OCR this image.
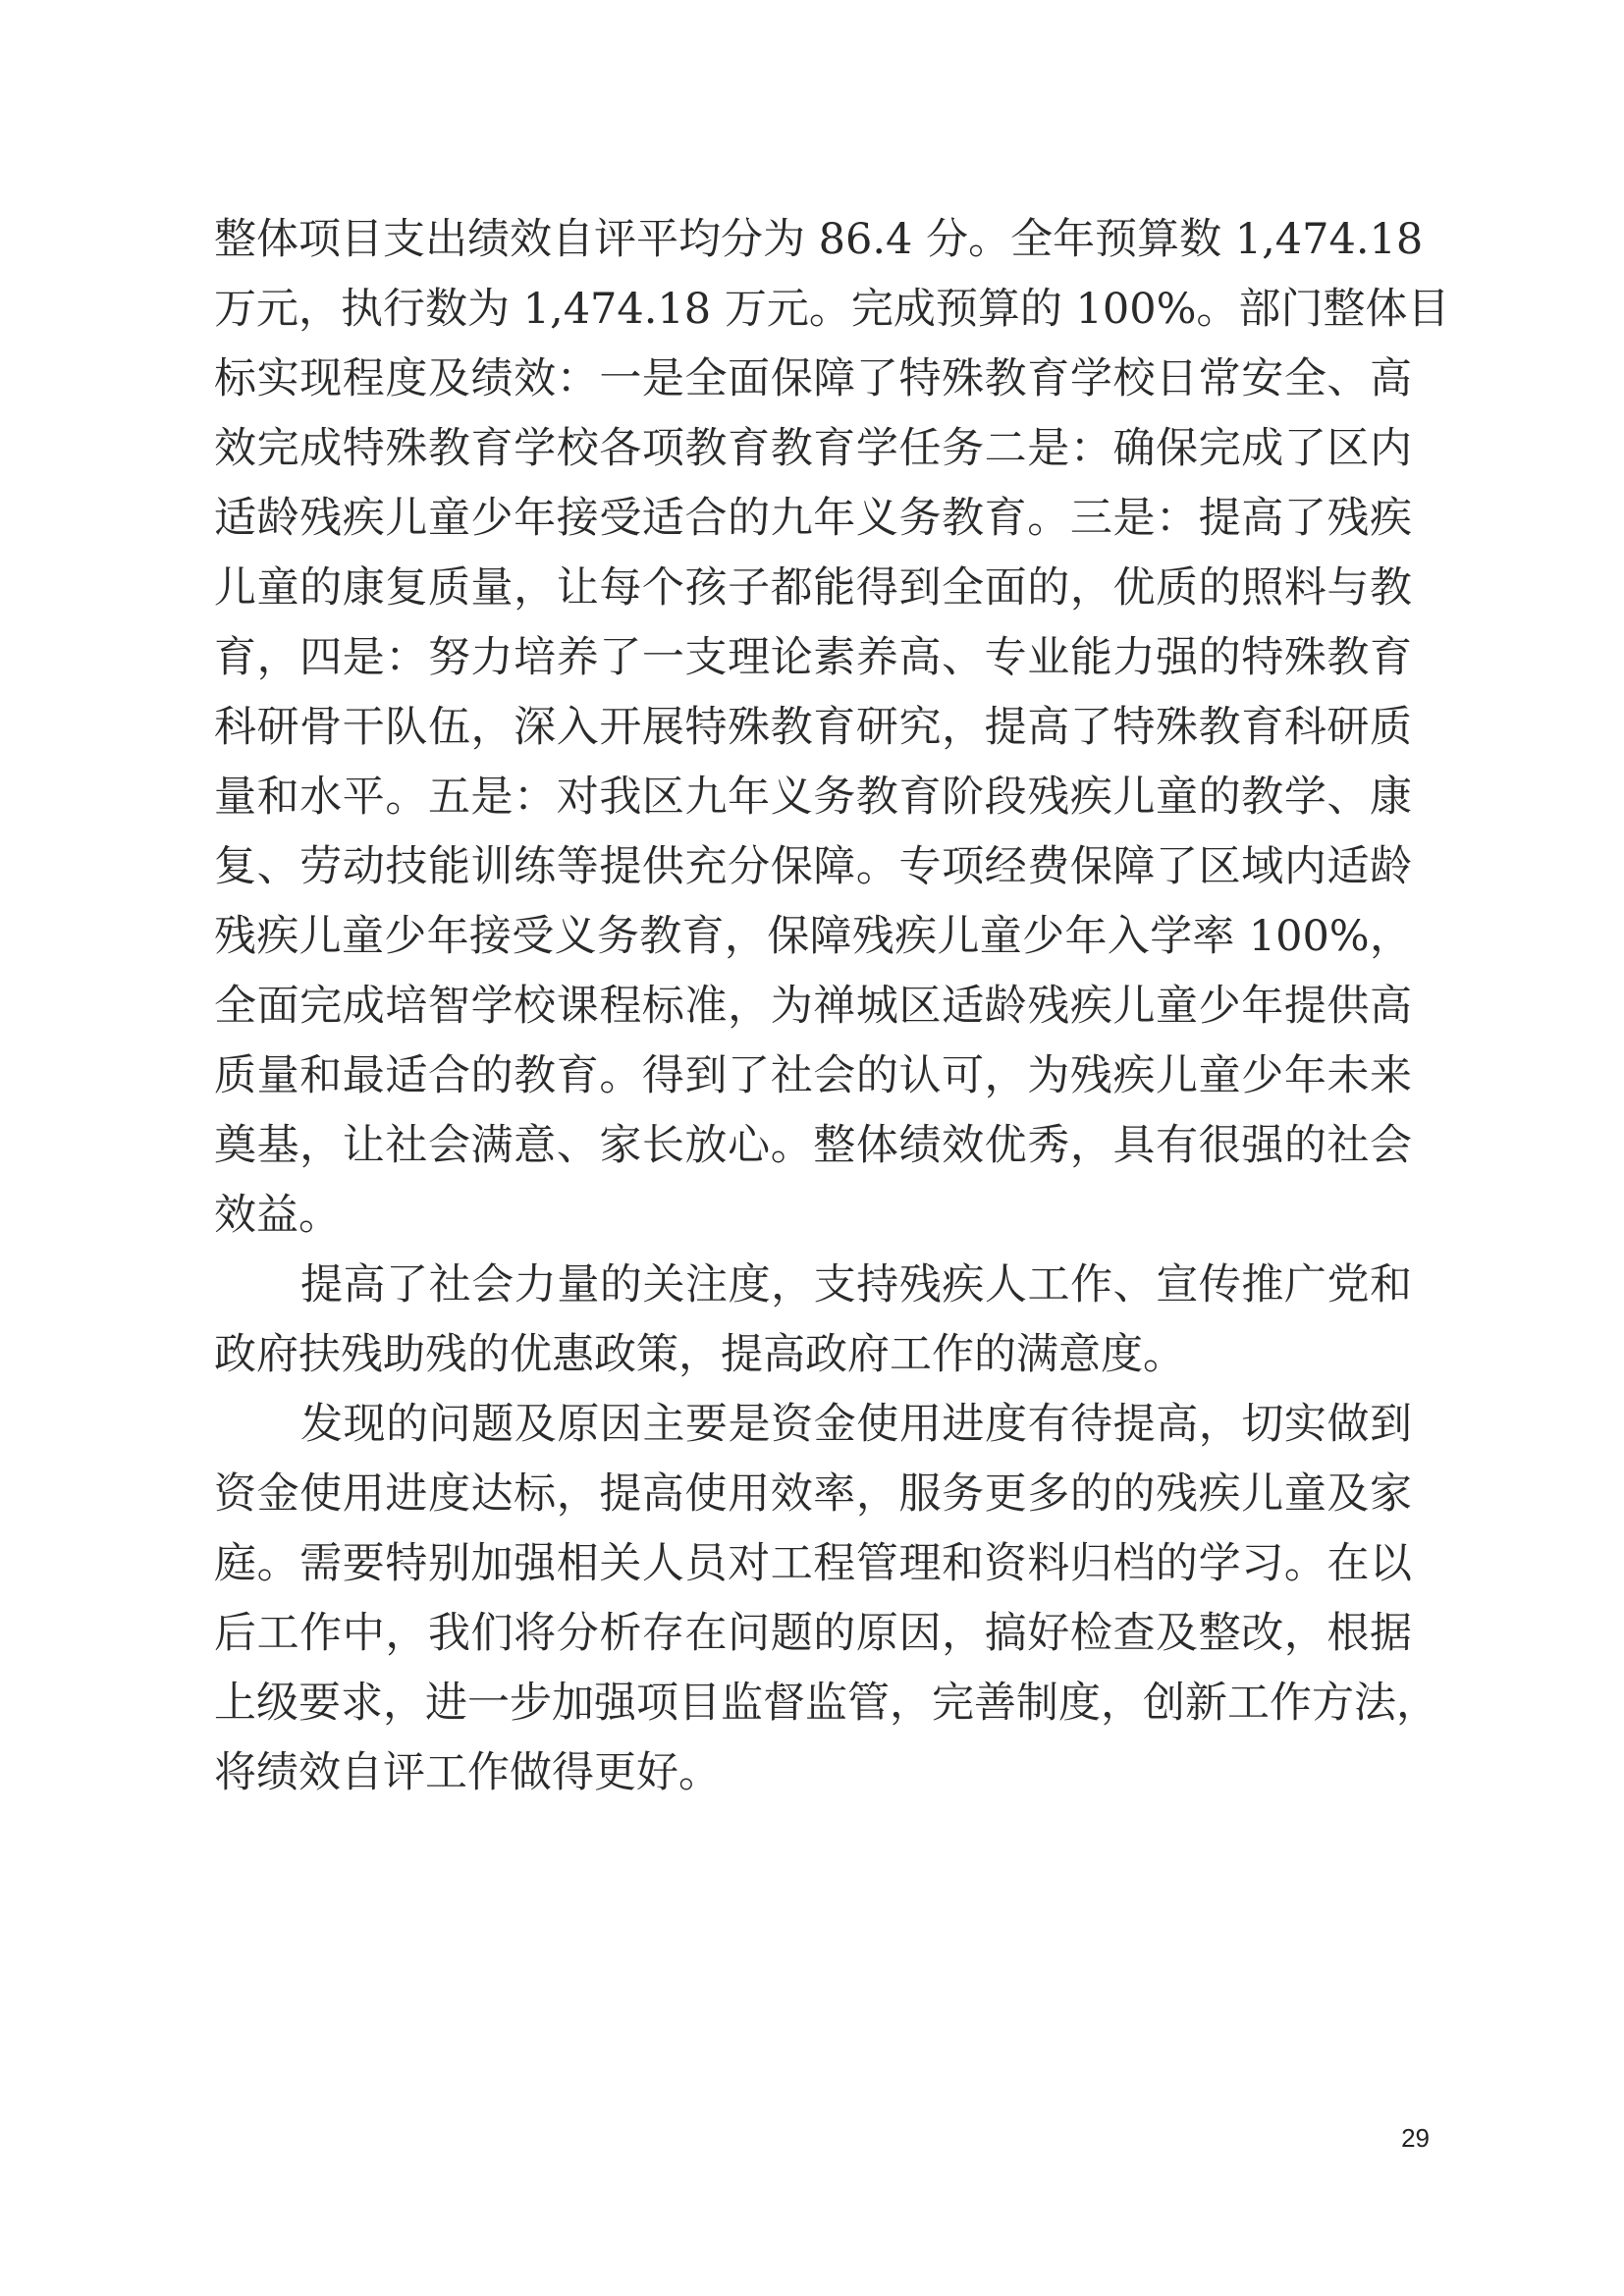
整体项目支出绩效自评平均分为 86.4 分。全年预算数 1,474.18
万元，执行数为 1,474.18 万元。完成预算的 100%。部门整体目
标实现程度及绩效：一是全面保障了特殊教育学校日常安全、高
效完成特殊教育学校各项教育教育学任务二是：确保完成了区内
适龄残疾儿童少年接受适合的九年义务教育。三是：提高了残疾
儿童的康复质量，让每个孩子都能得到全面的，优质的照料与教
育，四是：努力培养了一支理论素养高、专业能力强的特殊教育
科研骨干队伍，深入开展特殊教育研究，提高了特殊教育科研质
量和水平。五是：对我区九年义务教育阶段残疾儿童的教学、康
复、劳动技能训练等提供充分保障。专项经费保障了区域内适龄
残疾儿童少年接受义务教育，保障残疾儿童少年入学率 100%，
全面完成培智学校课程标准，为禅城区适龄残疾儿童少年提供高
质量和最适合的教育。得到了社会的认可，为残疾儿童少年未来
奠基，让社会满意、家长放心。整体绩效优秀，具有很强的社会
效益。
提高了社会力量的关注度，支持残疾人工作、宣传推广党和
政府扶残助残的优惠政策，提高政府工作的满意度。
发现的问题及原因主要是资金使用进度有待提高，切实做到
资金使用进度达标，提高使用效率，服务更多的的残疾儿童及家
庭。需要特别加强相关人员对工程管理和资料归档的学习。在以
后工作中，我们将分析存在问题的原因，搞好检查及整改，根据
上级要求，进一步加强项目监督监管，完善制度，创新工作方法，
将绩效自评工作做得更好。
29
